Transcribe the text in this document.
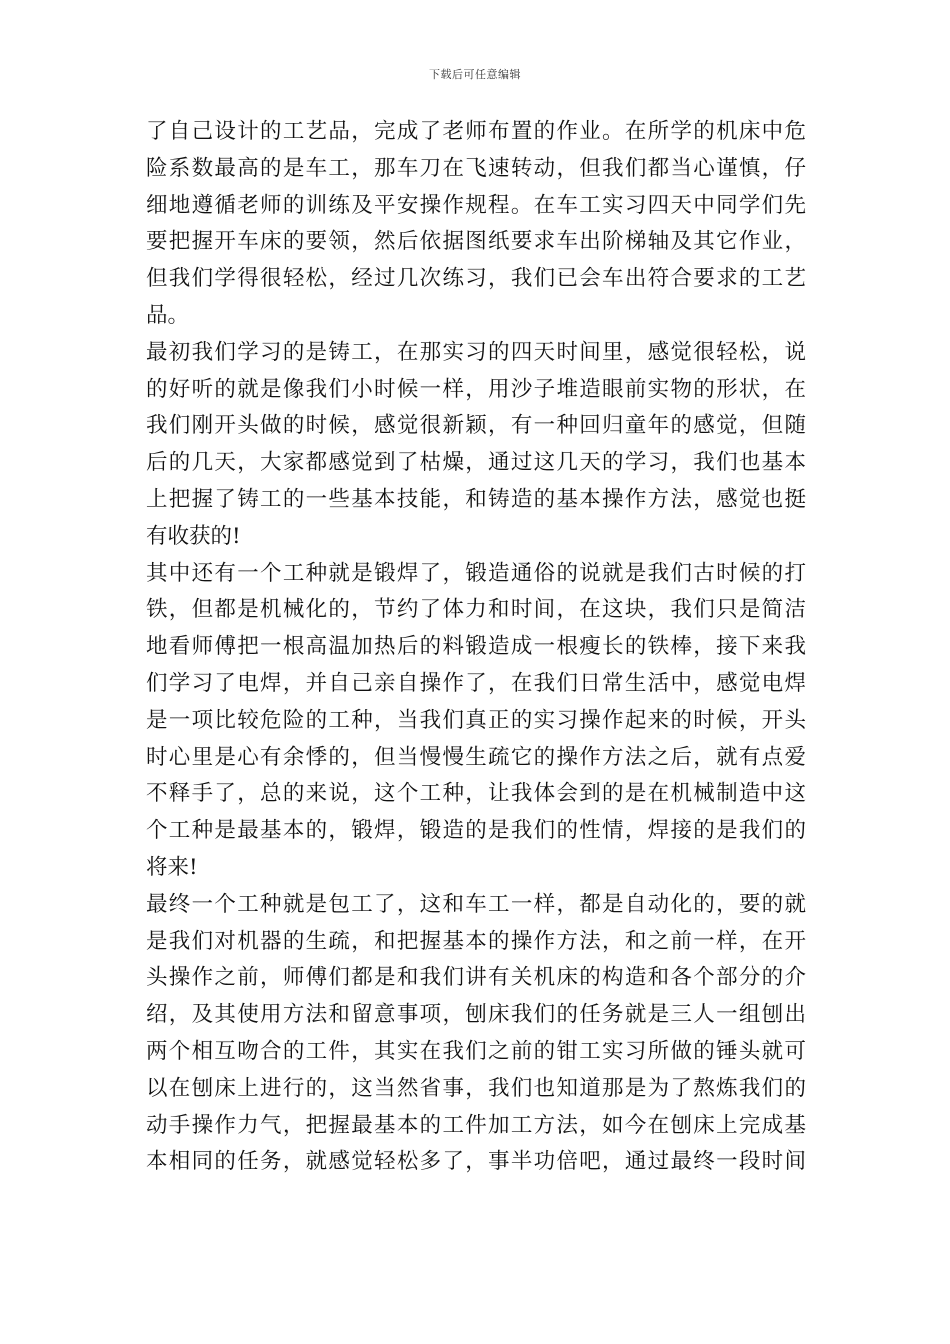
下载后可任意编辑
了自己设计的工艺品，完成了老师布置的作业。在所学的机床中危
险系数最高的是车工，那车刀在飞速转动，但我们都当心谨慎，仔
细地遵循老师的训练及平安操作规程。在车工实习四天中同学们先
要把握开车床的要领，然后依据图纸要求车出阶梯轴及其它作业，
但我们学得很轻松，经过几次练习，我们已会车出符合要求的工艺
品。
最初我们学习的是铸工，在那实习的四天时间里，感觉很轻松，说
的好听的就是像我们小时候一样，用沙子堆造眼前实物的形状，在
我们刚开头做的时候，感觉很新颖，有一种回归童年的感觉，但随
后的几天，大家都感觉到了枯燥，通过这几天的学习，我们也基本
上把握了铸工的一些基本技能，和铸造的基本操作方法，感觉也挺
有收获的!
其中还有一个工种就是锻焊了，锻造通俗的说就是我们古时候的打
铁，但都是机械化的，节约了体力和时间，在这块，我们只是简洁
地看师傅把一根高温加热后的料锻造成一根瘦长的铁棒，接下来我
们学习了电焊，并自己亲自操作了，在我们日常生活中，感觉电焊
是一项比较危险的工种，当我们真正的实习操作起来的时候，开头
时心里是心有余悸的，但当慢慢生疏它的操作方法之后，就有点爱
不释手了，总的来说，这个工种，让我体会到的是在机械制造中这
个工种是最基本的，锻焊，锻造的是我们的性情，焊接的是我们的
将来!
最终一个工种就是包工了，这和车工一样，都是自动化的，要的就
是我们对机器的生疏，和把握基本的操作方法，和之前一样，在开
头操作之前，师傅们都是和我们讲有关机床的构造和各个部分的介
绍，及其使用方法和留意事项，刨床我们的任务就是三人一组刨出
两个相互吻合的工件，其实在我们之前的钳工实习所做的锤头就可
以在刨床上进行的，这当然省事，我们也知道那是为了熬炼我们的
动手操作力气，把握最基本的工件加工方法，如今在刨床上完成基
本相同的任务，就感觉轻松多了，事半功倍吧，通过最终一段时间
